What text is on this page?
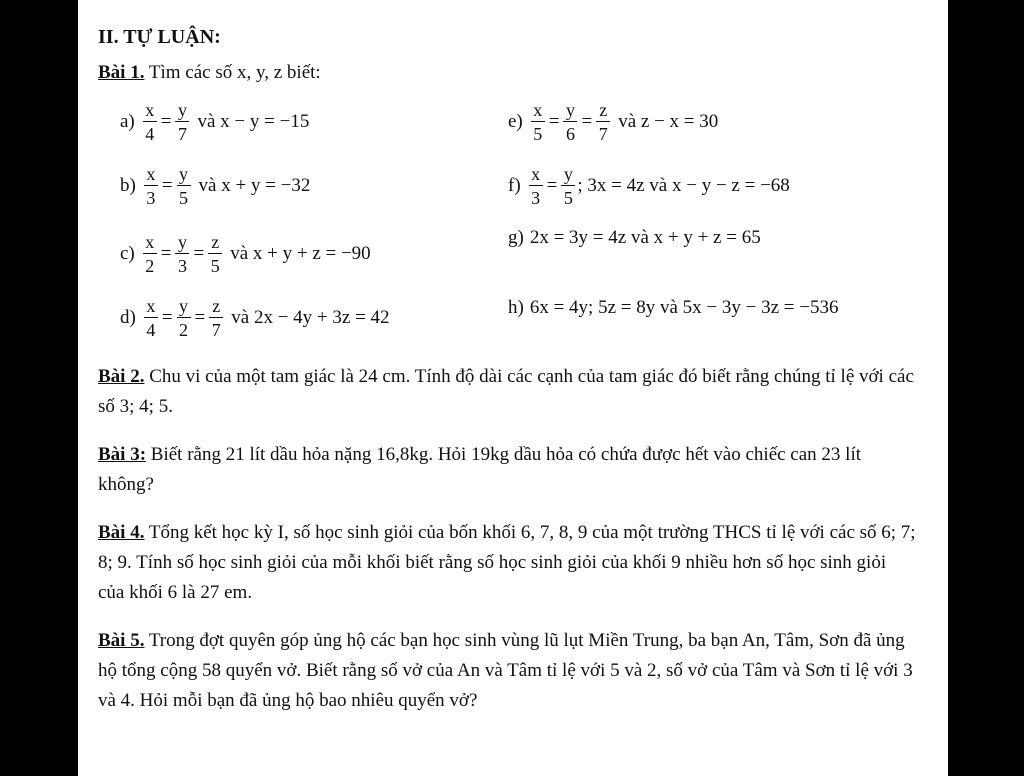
II. TỰ LUẬN:
Bài 1. Tìm các số x, y, z biết:
$a) \frac{x}{4} = \frac{y}{7}$ và x − y = −15	$e) \frac{x}{5} = \frac{y}{6} = \frac{z}{7}$ và z − x = 30
$b) \frac{x}{3} = \frac{y}{5}$ và x + y = −32	$f) \frac{x}{3} = \frac{y}{5}$ ; 3x = 4z và x − y − z = −68
$c) \frac{x}{2} = \frac{y}{3} = \frac{z}{5}$ và x + y + z = −90
g) 2x = 3y = 4z và x + y + z = 65
$d) \frac{x}{4} = \frac{y}{2} = \frac{z}{7}$ và 2x − 4y + 3z = 42	h) 6x = 4y; 5z = 8y và 5x − 3y − 3z = −536
Bài 2. Chu vi của một tam giác là 24 cm. Tính độ dài các cạnh của tam giác đó biết rằng chúng tỉ lệ với các số 3; 4; 5.
Bài 3: Biết rằng 21 lít dầu hỏa nặng 16,8kg. Hỏi 19kg dầu hỏa có chứa được hết vào chiếc can 23 lít không?
Bài 4. Tổng kết học kỳ I, số học sinh giỏi của bốn khối 6, 7, 8, 9 của một trường THCS tỉ lệ với các số 6; 7; 8; 9. Tính số học sinh giỏi của mỗi khối biết rằng số học sinh giỏi của khối 9 nhiều hơn số học sinh giỏi của khối 6 là 27 em.
Bài 5. Trong đợt quyên góp ủng hộ các bạn học sinh vùng lũ lụt Miền Trung, ba bạn An, Tâm, Sơn đã ủng hộ tổng cộng 58 quyển vở. Biết rằng số vở của An và Tâm tỉ lệ với 5 và 2, số vở của Tâm và Sơn tỉ lệ với 3 và 4. Hỏi mỗi bạn đã ủng hộ bao nhiêu quyển vở?
